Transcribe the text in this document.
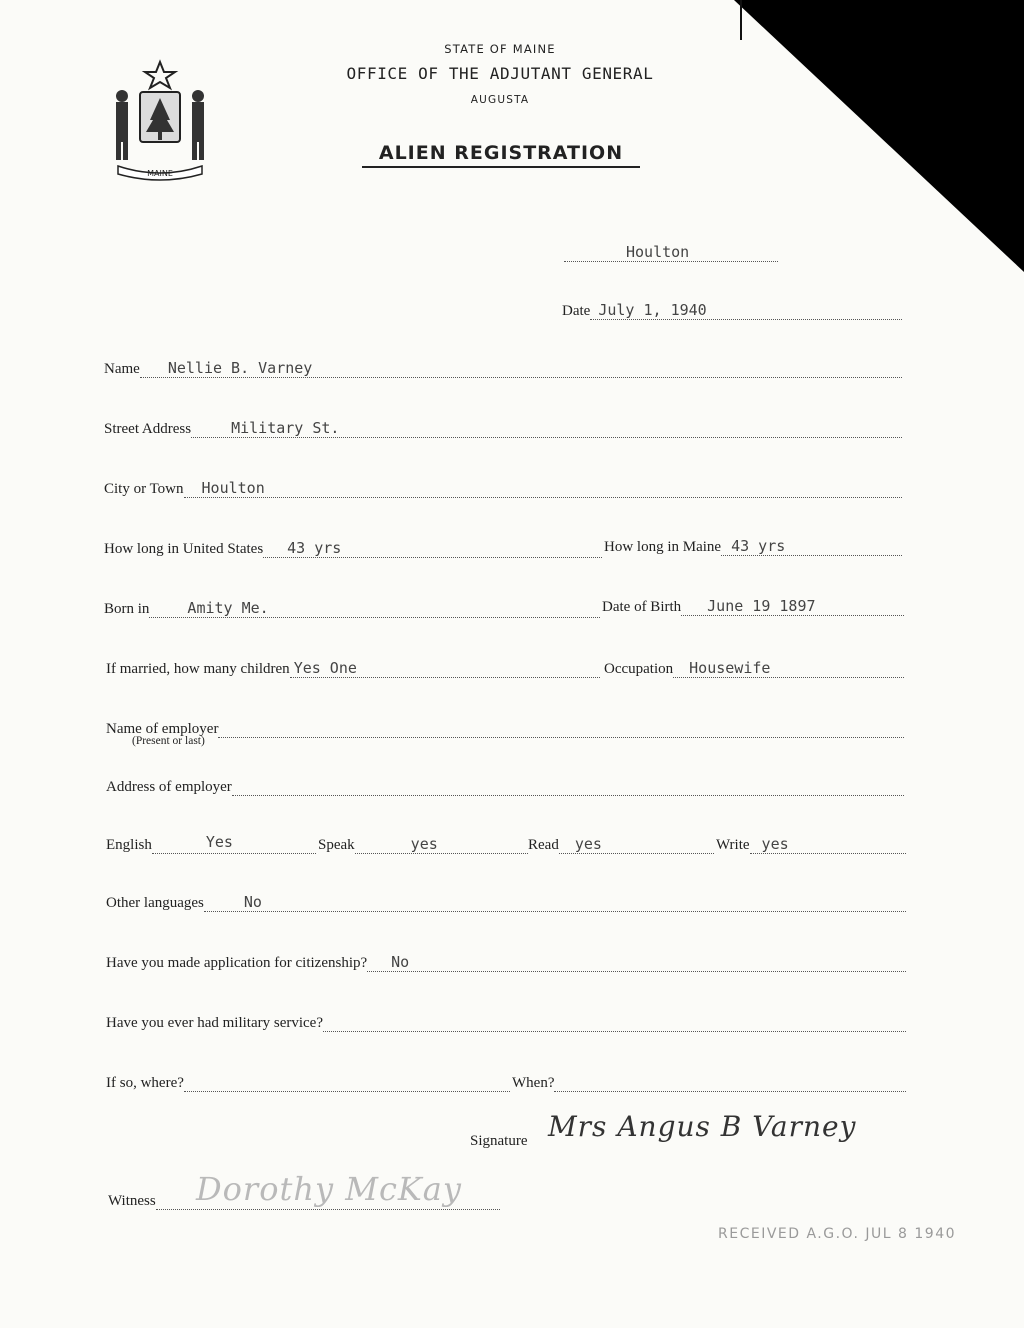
MAINE
STATE OF MAINE
OFFICE OF THE ADJUTANT GENERAL
AUGUSTA
ALIEN REGISTRATION
Houlton
Date July 1, 1940
Name Nellie B. Varney
Street Address	Military St.
City or Town Houlton
How long in United States 43 yrs	How long in Maine 43 yrs
Born in	Amity Me.	Date of Birth June 19 1897
If married, how many children Yes One	Occupation Housewife
Name of employer
(Present or last)
Address of employer
English	Yes	Speak	yes	Read yes	Write yes
Other languages	No
Have you made application for citizenship? No
Have you ever had military service?
If so, where?	When?
Signature Mrs Angus B Varney
Witness Dorothy McKay
RECEIVED A.G.O. JUL 8 1940
